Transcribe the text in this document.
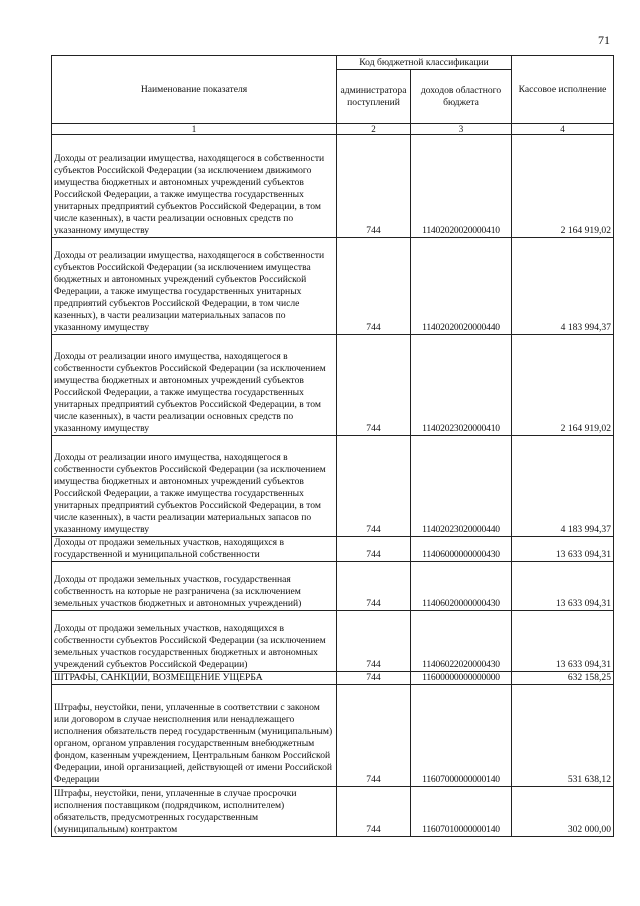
71
Наименование показателя	Код бюджетной классификации		Кассовое исполнение
	администратора поступлений	доходов областного бюджета	
1	2	3	4

Доходы от реализации имущества, находящегося в собственности субъектов Российской Федерации (за исключением движимого имущества бюджетных и автономных учреждений субъектов Российской Федерации, а также имущества государственных унитарных предприятий субъектов Российской Федерации, в том числе казенных), в части реализации основных средств по указанному имуществу	744	11402020020000410	2 164 919,02

Доходы от реализации имущества, находящегося в собственности субъектов Российской Федерации (за исключением имущества бюджетных и автономных учреждений субъектов Российской Федерации, а также имущества государственных унитарных предприятий субъектов Российской Федерации, в том числе казенных), в части реализации материальных запасов по указанному имуществу	744	11402020020000440	4 183 994,37

Доходы от реализации иного имущества, находящегося в собственности субъектов Российской Федерации (за исключением имущества бюджетных и автономных учреждений субъектов Российской Федерации, а также имущества государственных унитарных предприятий субъектов Российской Федерации, в том числе казенных), в части реализации основных средств по указанному имуществу	744	11402023020000410	2 164 919,02

Доходы от реализации иного имущества, находящегося в собственности субъектов Российской Федерации (за исключением имущества бюджетных и автономных учреждений субъектов Российской Федерации, а также имущества государственных унитарных предприятий субъектов Российской Федерации, в том числе казенных), в части реализации материальных запасов по указанному имуществу	744	11402023020000440	4 183 994,37
Доходы от продажи земельных участков, находящихся в государственной и муниципальной собственности	744	11406000000000430	13 633 094,31

Доходы от продажи земельных участков, государственная собственность на которые не разграничена (за исключением земельных участков бюджетных и автономных учреждений)	744	11406020000000430	13 633 094,31

Доходы от продажи земельных участков, находящихся в собственности субъектов Российской Федерации (за исключением земельных участков государственных бюджетных и автономных учреждений субъектов Российской Федерации)	744	11406022020000430	13 633 094,31
ШТРАФЫ, САНКЦИИ, ВОЗМЕЩЕНИЕ УЩЕРБА	744	11600000000000000	632 158,25
Штрафы, неустойки, пени, уплаченные в соответствии с законом или договором в случае неисполнения или ненадлежащего исполнения обязательств перед государственным (муниципальным) органом, органом управления государственным внебюджетным фондом, казенным учреждением, Центральным банком Российской Федерации, иной организацией, действующей от имени Российской Федерации	744	11607000000000140	531 638,12
Штрафы, неустойки, пени, уплаченные в случае просрочки исполнения поставщиком (подрядчиком, исполнителем) обязательств, предусмотренных государственным (муниципальным) контрактом	744	11607010000000140	302 000,00
